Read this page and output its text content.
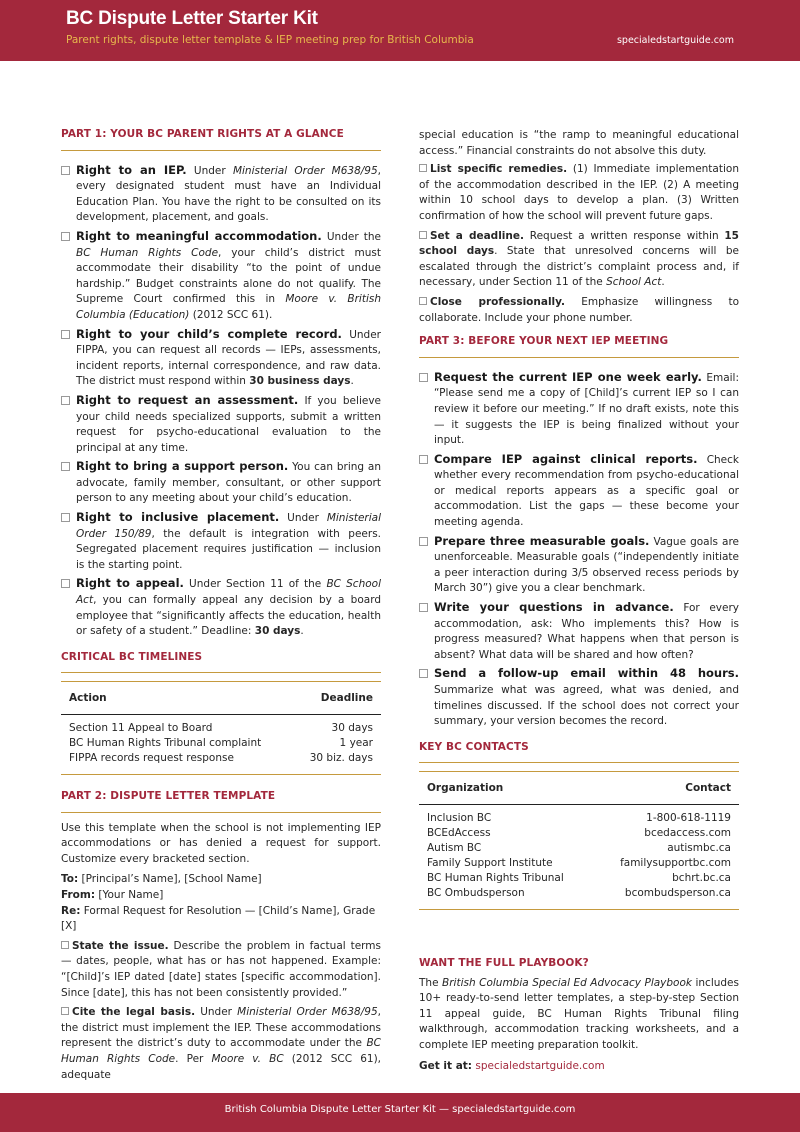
BC Dispute Letter Starter Kit
Parent rights, dispute letter template & IEP meeting prep for British Columbia	specialedstartguide.com
PART 1: YOUR BC PARENT RIGHTS AT A GLANCE
Right to an IEP. Under Ministerial Order M638/95, every designated student must have an Individual Education Plan. You have the right to be consulted on its development, placement, and goals.
Right to meaningful accommodation. Under the BC Human Rights Code, your child’s district must accommodate their disability “to the point of undue hardship.” Budget constraints alone do not qualify. The Supreme Court confirmed this in Moore v. British Columbia (Education) (2012 SCC 61).
Right to your child’s complete record. Under FIPPA, you can request all records — IEPs, assessments, incident reports, internal correspondence, and raw data. The district must respond within 30 business days.
Right to request an assessment. If you believe your child needs specialized supports, submit a written request for psycho-educational evaluation to the principal at any time.
Right to bring a support person. You can bring an advocate, family member, consultant, or other support person to any meeting about your child’s education.
Right to inclusive placement. Under Ministerial Order 150/89, the default is integration with peers. Segregated placement requires justification — inclusion is the starting point.
Right to appeal. Under Section 11 of the BC School Act, you can formally appeal any decision by a board employee that “significantly affects the education, health or safety of a student.” Deadline: 30 days.
CRITICAL BC TIMELINES
Action	Deadline
Section 11 Appeal to Board	30 days
BC Human Rights Tribunal complaint	1 year
FIPPA records request response	30 biz. days
PART 2: DISPUTE LETTER TEMPLATE

Use this template when the school is not implementing IEP accommodations or has denied a request for support. Customize every bracketed section.

To: [Principal’s Name], [School Name]
From: [Your Name]
Re: Formal Request for Resolution — [Child’s Name], Grade [X]
State the issue. Describe the problem in factual terms — dates, people, what has or has not happened. Example: “[Child]’s IEP dated [date] states [specific accommodation]. Since [date], this has not been consistently provided.”
Cite the legal basis. Under Ministerial Order M638/95, the district must implement the IEP. These accommodations represent the district’s duty to accommodate under the BC Human Rights Code. Per Moore v. BC (2012 SCC 61), adequate

special education is “the ramp to meaningful educational access.” Financial constraints do not absolve this duty.

List specific remedies. (1) Immediate implementation of the accommodation described in the IEP. (2) A meeting within 10 school days to develop a plan. (3) Written confirmation of how the school will prevent future gaps.
Set a deadline. Request a written response within 15 school days. State that unresolved concerns will be escalated through the district’s complaint process and, if necessary, under Section 11 of the School Act.
Close professionally. Emphasize willingness to collaborate. Include your phone number.
PART 3: BEFORE YOUR NEXT IEP MEETING
Request the current IEP one week early. Email: “Please send me a copy of [Child]’s current IEP so I can review it before our meeting.” If no draft exists, note this — it suggests the IEP is being finalized without your input.
Compare IEP against clinical reports. Check whether every recommendation from psycho-educational or medical reports appears as a specific goal or accommodation. List the gaps — these become your meeting agenda.
Prepare three measurable goals. Vague goals are unenforceable. Measurable goals (“independently initiate a peer interaction during 3/5 observed recess periods by March 30”) give you a clear benchmark.
Write your questions in advance. For every accommodation, ask: Who implements this? How is progress measured? What happens when that person is absent? What data will be shared and how often?
Send a follow-up email within 48 hours. Summarize what was agreed, what was denied, and timelines discussed. If the school does not correct your summary, your version becomes the record.
KEY BC CONTACTS
Organization	Contact
Inclusion BC	1-800-618-1119
BCEdAccess	bcedaccess.com
Autism BC	autismbc.ca
Family Support Institute	familysupportbc.com
BC Human Rights Tribunal	bchrt.bc.ca
BC Ombudsperson	bcombudsperson.ca
WANT THE FULL PLAYBOOK?

The British Columbia Special Ed Advocacy Playbook includes 10+ ready-to-send letter templates, a step-by-step Section 11 appeal guide, BC Human Rights Tribunal filing walkthrough, accommodation tracking worksheets, and a complete IEP meeting preparation toolkit.

Get it at: specialedstartguide.com
British Columbia Dispute Letter Starter Kit — specialedstartguide.com
